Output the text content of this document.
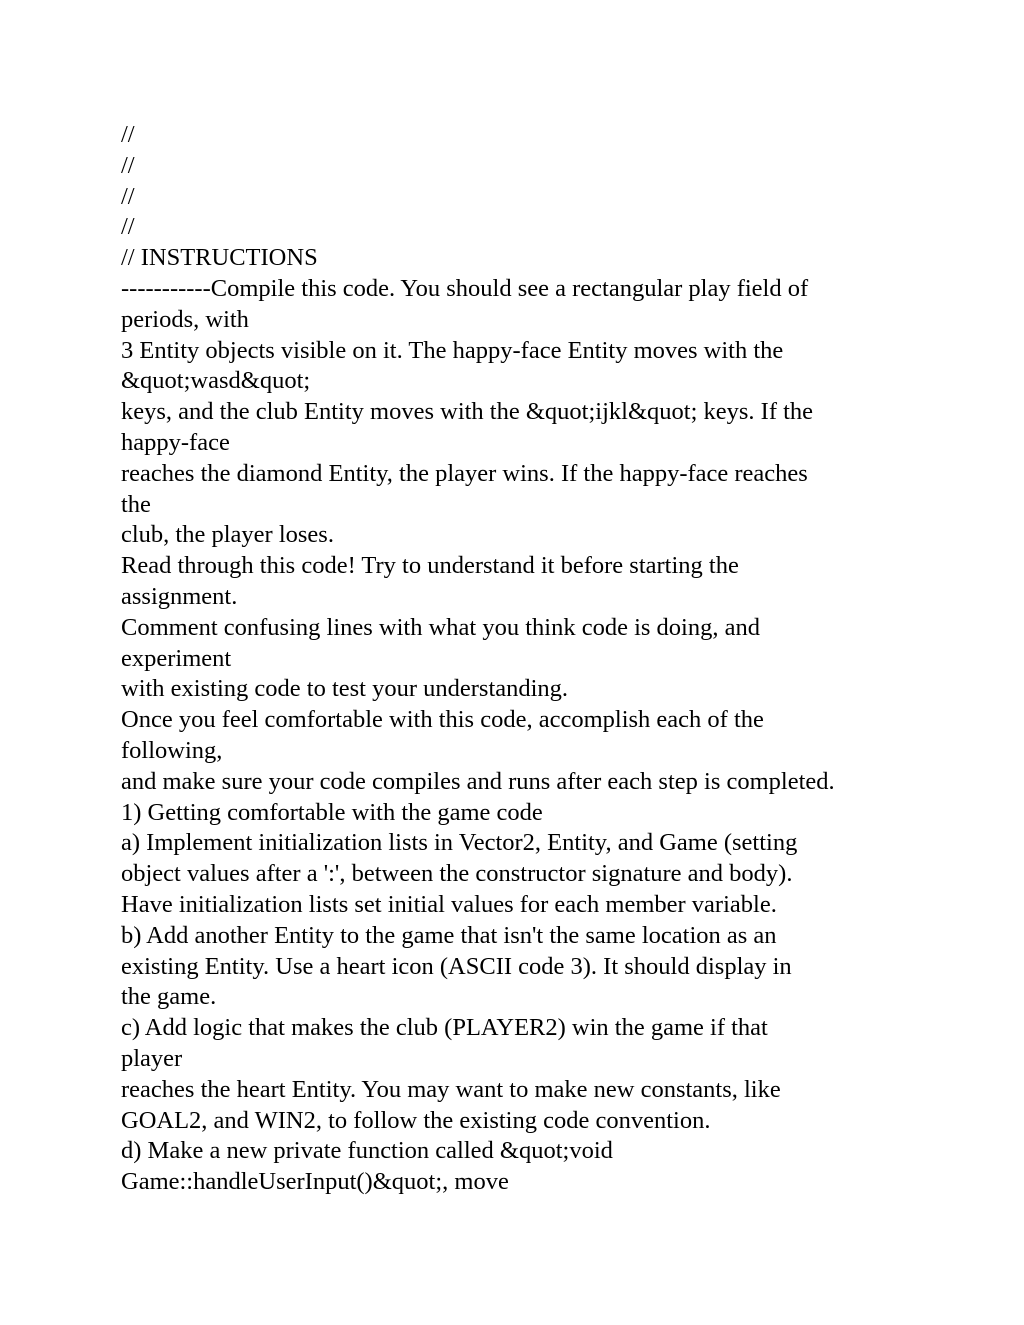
//
//
//
//
// INSTRUCTIONS
-----------Compile this code. You should see a rectangular play field of
periods, with
3 Entity objects visible on it. The happy-face Entity moves with the
&quot;wasd&quot;
keys, and the club Entity moves with the &quot;ijkl&quot; keys. If the
happy-face
reaches the diamond Entity, the player wins. If the happy-face reaches
the
club, the player loses.
Read through this code! Try to understand it before starting the
assignment.
Comment confusing lines with what you think code is doing, and
experiment
with existing code to test your understanding.
Once you feel comfortable with this code, accomplish each of the
following,
and make sure your code compiles and runs after each step is completed.
1) Getting comfortable with the game code
a) Implement initialization lists in Vector2, Entity, and Game (setting
object values after a ':', between the constructor signature and body).
Have initialization lists set initial values for each member variable.
b) Add another Entity to the game that isn't the same location as an
existing Entity. Use a heart icon (ASCII code 3). It should display in
the game.
c) Add logic that makes the club (PLAYER2) win the game if that
player
reaches the heart Entity. You may want to make new constants, like
GOAL2, and WIN2, to follow the existing code convention.
d) Make a new private function called &quot;void
Game::handleUserInput()&quot;, move
